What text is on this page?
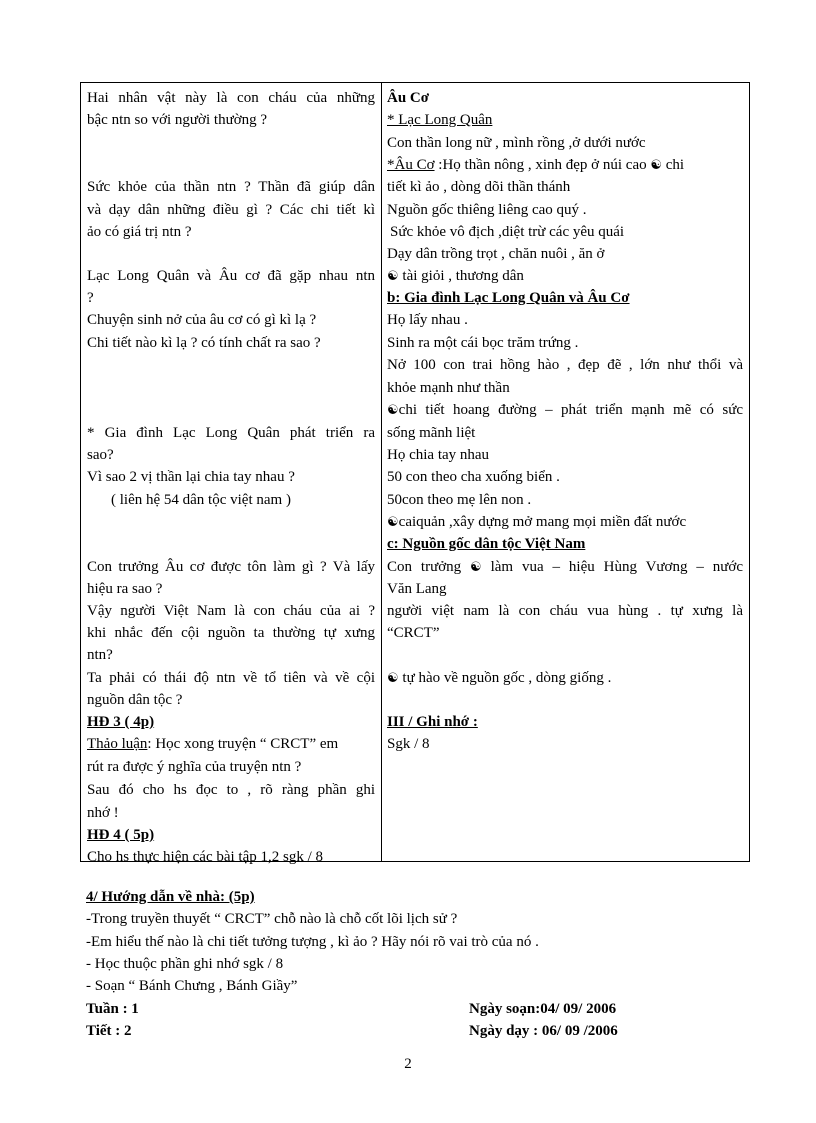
Hai nhân vật này là con cháu của những
bậc ntn so với người thường ?
Sức khỏe của thần ntn ? Thần đã giúp dân
và dạy dân những điều gì ? Các chi tiết kì
ảo có giá trị ntn ?
Lạc Long Quân và Âu cơ đã gặp nhau ntn
?
Chuyện sinh nở của âu cơ có gì kì lạ ?
Chi tiết nào kì lạ ? có tính chất ra sao ?
* Gia đình Lạc Long Quân phát triển ra
sao?
Vì sao 2 vị thần lại chia tay nhau ?
( liên hệ 54 dân tộc việt nam )
Con trưởng Âu cơ được tôn làm gì ? Và lấy
hiệu ra sao ?
Vậy người Việt Nam là con cháu của ai ?
khi nhắc đến cội nguồn ta thường tự xưng
ntn?
Ta phải có thái độ ntn về tổ tiên và về cội
nguồn dân tộc ?
HĐ 3 ( 4p)
Thảo luận: Học xong truyện “ CRCT” em
rút ra được ý nghĩa của truyện ntn ?
Sau đó cho hs đọc to , rõ ràng phần ghi
nhớ !
HĐ 4 ( 5p)
Cho hs thực hiện các bài tập 1,2 sgk / 8
Âu Cơ
* Lạc Long Quân
Con thần long nữ , mình rồng ,ở dưới nước
*Âu Cơ :Họ thần nông , xinh đẹp ở núi cao ☯ chi
tiết kì ảo , dòng dõi thần thánh
Nguồn gốc thiêng liêng cao quý .
Sức khỏe vô địch ,diệt trừ các yêu quái
Dạy dân trồng trọt , chăn nuôi , ăn ở
☯ tài giỏi , thương dân
b: Gia đình Lạc Long Quân và Âu Cơ
Họ lấy nhau .
Sinh ra một cái bọc trăm trứng .
Nở 100 con trai hồng hào , đẹp đẽ , lớn như thổi và
khỏe mạnh như thần
☯chi tiết hoang đường – phát triển mạnh mẽ có sức
sống mãnh liệt
Họ chia tay nhau
50 con theo cha xuống biển .
50con theo mẹ lên non .
☯caiquản ,xây dựng mở mang mọi miền đất nước
c: Nguồn gốc dân tộc Việt Nam
Con trưởng ☯ làm vua – hiệu Hùng Vương – nước
Văn Lang
người việt nam là con cháu vua hùng . tự xưng là
“CRCT”
☯ tự hào về nguồn gốc , dòng giống .
III / Ghi nhớ :
Sgk / 8
4/ Hướng dẫn về nhà: (5p)
-Trong truyền thuyết “ CRCT” chỗ nào là chỗ cốt lõi lịch sử ?
-Em hiểu thế nào là chi tiết tưởng tượng , kì ảo ? Hãy nói rõ vai trò của nó .
- Học thuộc phần ghi nhớ sgk / 8
- Soạn “ Bánh Chưng , Bánh Giầy”
Tuần : 1	Ngày soạn:04/ 09/ 2006
Tiết : 2	Ngày dạy : 06/ 09 /2006
2
